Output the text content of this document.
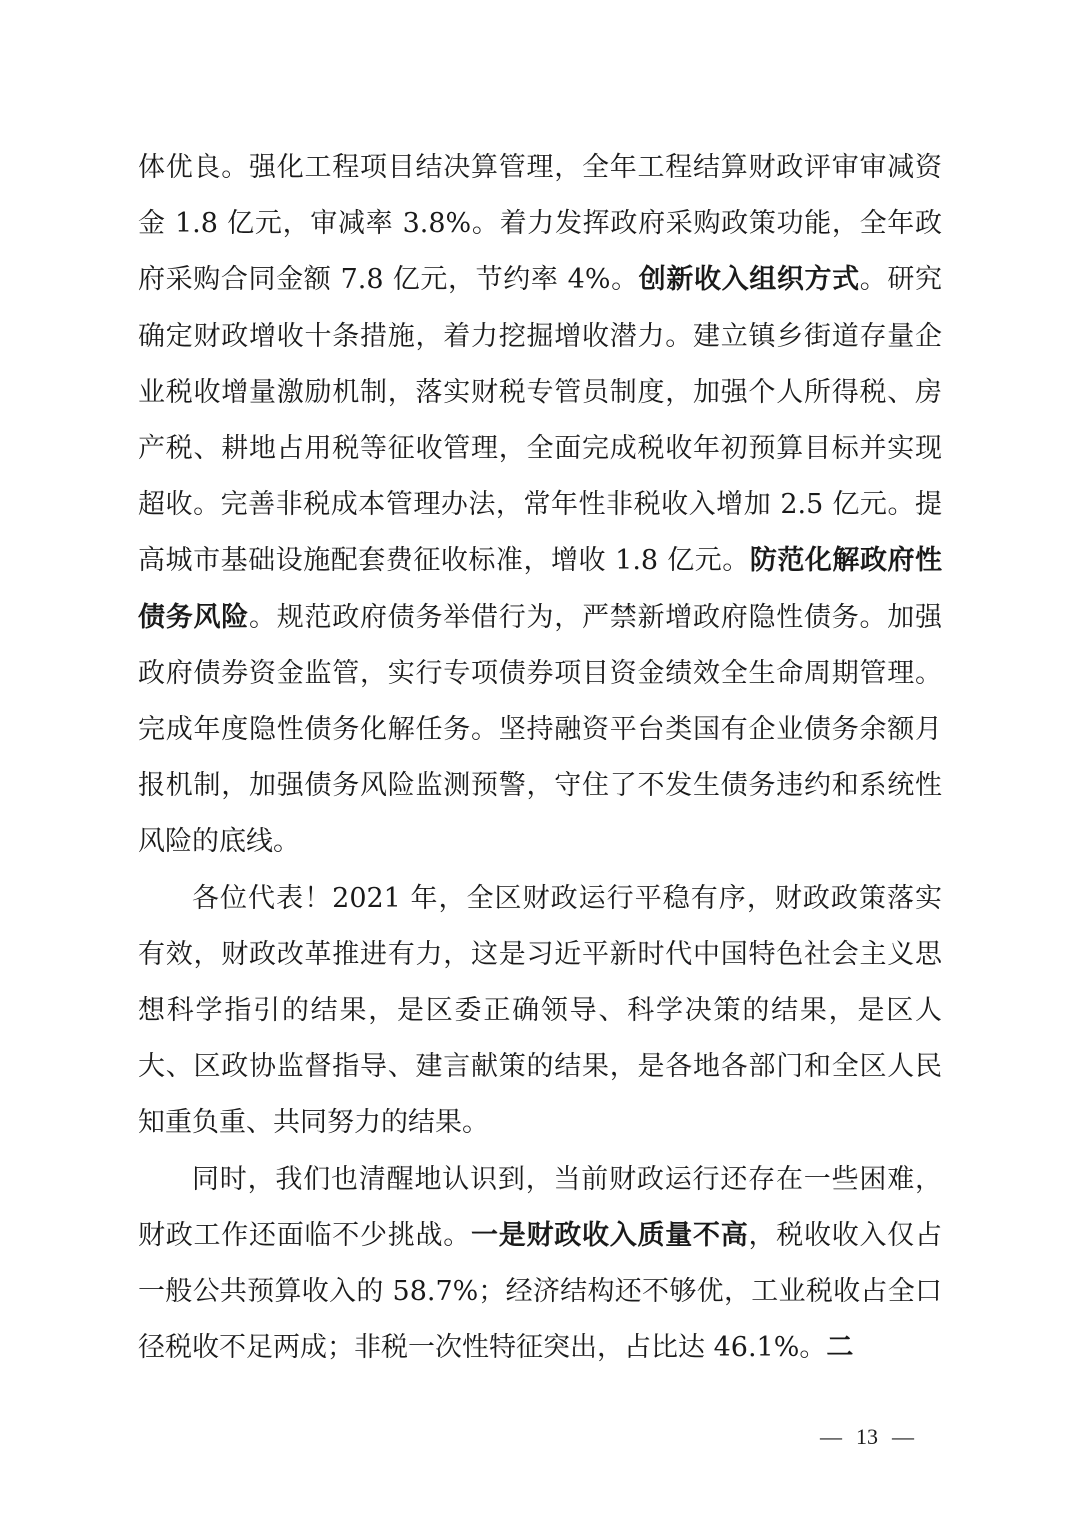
体优良。强化工程项目结决算管理，全年工程结算财政评审审减资金 1.8 亿元，审减率 3.8%。着力发挥政府采购政策功能，全年政府采购合同金额 7.8 亿元，节约率 4%。创新收入组织方式。研究确定财政增收十条措施，着力挖掘增收潜力。建立镇乡街道存量企业税收增量激励机制，落实财税专管员制度，加强个人所得税、房产税、耕地占用税等征收管理，全面完成税收年初预算目标并实现超收。完善非税成本管理办法，常年性非税收入增加 2.5 亿元。提高城市基础设施配套费征收标准，增收 1.8 亿元。防范化解政府性债务风险。规范政府债务举借行为，严禁新增政府隐性债务。加强政府债券资金监管，实行专项债券项目资金绩效全生命周期管理。完成年度隐性债务化解任务。坚持融资平台类国有企业债务余额月报机制，加强债务风险监测预警，守住了不发生债务违约和系统性风险的底线。

各位代表！2021 年，全区财政运行平稳有序，财政政策落实有效，财政改革推进有力，这是习近平新时代中国特色社会主义思想科学指引的结果，是区委正确领导、科学决策的结果，是区人大、区政协监督指导、建言献策的结果，是各地各部门和全区人民知重负重、共同努力的结果。

同时，我们也清醒地认识到，当前财政运行还存在一些困难，财政工作还面临不少挑战。一是财政收入质量不高，税收收入仅占一般公共预算收入的 58.7%；经济结构还不够优，工业税收占全口径税收不足两成；非税一次性特征突出，占比达 46.1%。二

— 13 —
